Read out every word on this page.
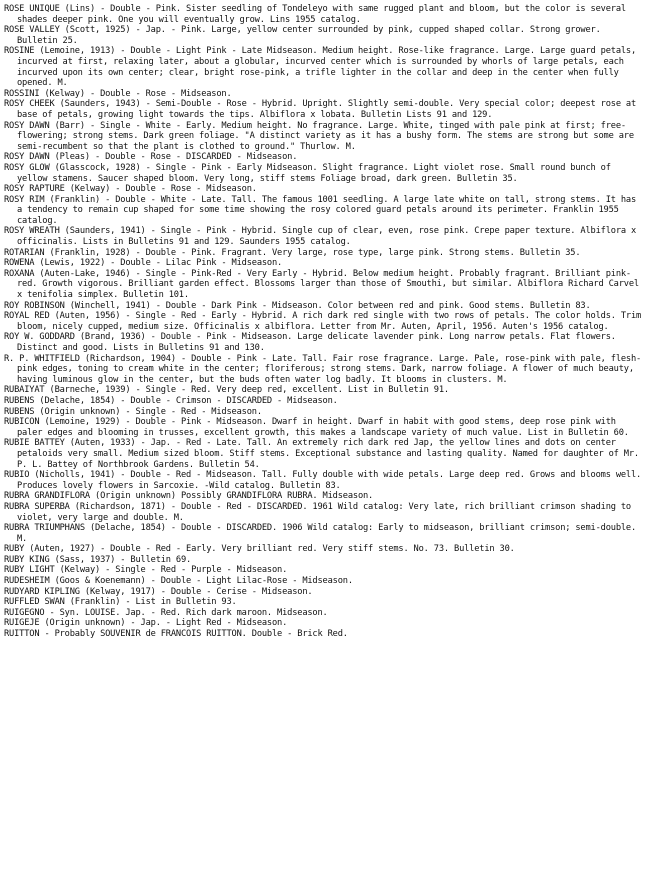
ROSE UNIQUE (Lins) - Double - Pink. Sister seedling of Tondeleyo with same rugged plant and bloom, but the color is several shades deeper pink. One you will eventually grow. Lins 1955 catalog.

ROSE VALLEY (Scott, 1925) - Jap. - Pink. Large, yellow center surrounded by pink, cupped shaped collar. Strong grower. Bulletin 25.

ROSINE (Lemoine, 1913) - Double - Light Pink - Late Midseason. Medium height. Rose-like fragrance. Large. Large guard petals, incurved at first, relaxing later, about a globular, incurved center which is surrounded by whorls of large petals, each incurved upon its own center; clear, bright rose-pink, a trifle lighter in the collar and deep in the center when fully opened. M.

ROSSINI (Kelway) - Double - Rose - Midseason.

ROSY CHEEK (Saunders, 1943) - Semi-Double - Rose - Hybrid. Upright. Slightly semi-double. Very special color; deepest rose at base of petals, growing light towards the tips. Albiflora x lobata. Bulletin Lists 91 and 129.

ROSY DAWN (Barr) - Single - White - Early. Medium height. No fragrance. Large. White, tinged with pale pink at first; free-flowering; strong stems. Dark green foliage. "A distinct variety as it has a bushy form. The stems are strong but some are semi-recumbent so that the plant is clothed to ground." Thurlow. M.

ROSY DAWN (Pleas) - Double - Rose - DISCARDED - Midseason.

ROSY GLOW (Glasscock, 1928) - Single - Pink - Early Midseason. Slight fragrance. Light violet rose. Small round bunch of yellow stamens. Saucer shaped bloom. Very long, stiff stems Foliage broad, dark green. Bulletin 35.

ROSY RAPTURE (Kelway) - Double - Rose - Midseason.

ROSY RIM (Franklin) - Double - White - Late. Tall. The famous 1001 seedling. A large late white on tall, strong stems. It has a tendency to remain cup shaped for some time showing the rosy colored guard petals around its perimeter. Franklin 1955 catalog.

ROSY WREATH (Saunders, 1941) - Single - Pink - Hybrid. Single cup of clear, even, rose pink. Crepe paper texture. Albiflora x officinalis. Lists in Bulletins 91 and 129. Saunders 1955 catalog.

ROTARIAN (Franklin, 1928) - Double - Pink. Fragrant. Very large, rose type, large pink. Strong stems. Bulletin 35.

ROWENA (Lewis, 1922) - Double - Lilac Pink - Midseason.

ROXANA (Auten-Lake, 1946) - Single - Pink-Red - Very Early - Hybrid. Below medium height. Probably fragrant. Brilliant pink-red. Growth vigorous. Brilliant garden effect. Blossoms larger than those of Smouthi, but similar. Albiflora Richard Carvel x tenifolia simplex. Bulletin 101.

ROY ROBINSON (Winchell, 1941) - Double - Dark Pink - Midseason. Color between red and pink. Good stems. Bulletin 83.

ROYAL RED (Auten, 1956) - Single - Red - Early - Hybrid. A rich dark red single with two rows of petals. The color holds. Trim bloom, nicely cupped, medium size. Officinalis x albiflora. Letter from Mr. Auten, April, 1956. Auten's 1956 catalog.

ROY W. GODDARD (Brand, 1936) - Double - Pink - Midseason. Large delicate lavender pink. Long narrow petals. Flat flowers. Distinct and good. Lists in Bulletins 91 and 130.

R. P. WHITFIELD (Richardson, 1904) - Double - Pink - Late. Tall. Fair rose fragrance. Large. Pale, rose-pink with pale, flesh-pink edges, toning to cream white in the center; floriferous; strong stems. Dark, narrow foliage. A flower of much beauty, having luminous glow in the center, but the buds often water log badly. It blooms in clusters. M.

RUBAIYAT (Barneche, 1939) - Single - Red. Very deep red, excellent. List in Bulletin 91.

RUBENS (Delache, 1854) - Double - Crimson - DISCARDED - Midseason.

RUBENS (Origin unknown) - Single - Red - Midseason.

RUBICON (Lemoine, 1929) - Double - Pink - Midseason. Dwarf in height. Dwarf in habit with good stems, deep rose pink with paler edges and blooming in trusses, excellent growth, this makes a landscape variety of much value. List in Bulletin 60.

RUBIE BATTEY (Auten, 1933) - Jap. - Red - Late. Tall. An extremely rich dark red Jap, the yellow lines and dots on center petaloids very small. Medium sized bloom. Stiff stems. Exceptional substance and lasting quality. Named for daughter of Mr. P. L. Battey of Northbrook Gardens. Bulletin 54.

RUBIO (Nicholls, 1941) - Double - Red - Midseason. Tall. Fully double with wide petals. Large deep red. Grows and blooms well. Produces lovely flowers in Sarcoxie. -Wild catalog. Bulletin 83.

RUBRA GRANDIFLORA (Origin unknown) Possibly GRANDIFLORA RUBRA. Midseason.

RUBRA SUPERBA (Richardson, 1871) - Double - Red - DISCARDED. 1961 Wild catalog: Very late, rich brilliant crimson shading to violet, very large and double. M.

RUBRA TRIUMPHANS (Delache, 1854) - Double - DISCARDED. 1906 Wild catalog: Early to midseason, brilliant crimson; semi-double. M.

RUBY (Auten, 1927) - Double - Red - Early. Very brilliant red. Very stiff stems. No. 73. Bulletin 30.

RUBY KING (Sass, 1937) - Bulletin 69.

RUBY LIGHT (Kelway) - Single - Red - Purple - Midseason.

RUDESHEIM (Goos & Koenemann) - Double - Light Lilac-Rose - Midseason.

RUDYARD KIPLING (Kelway, 1917) - Double - Cerise - Midseason.

RUFFLED SWAN (Franklin) - List in Bulletin 93.

RUIGEGNO - Syn. LOUISE. Jap. - Red. Rich dark maroon. Midseason.

RUIGEJE (Origin unknown) - Jap. - Light Red - Midseason.

RUITTON - Probably SOUVENIR de FRANCOIS RUITTON. Double - Brick Red.
